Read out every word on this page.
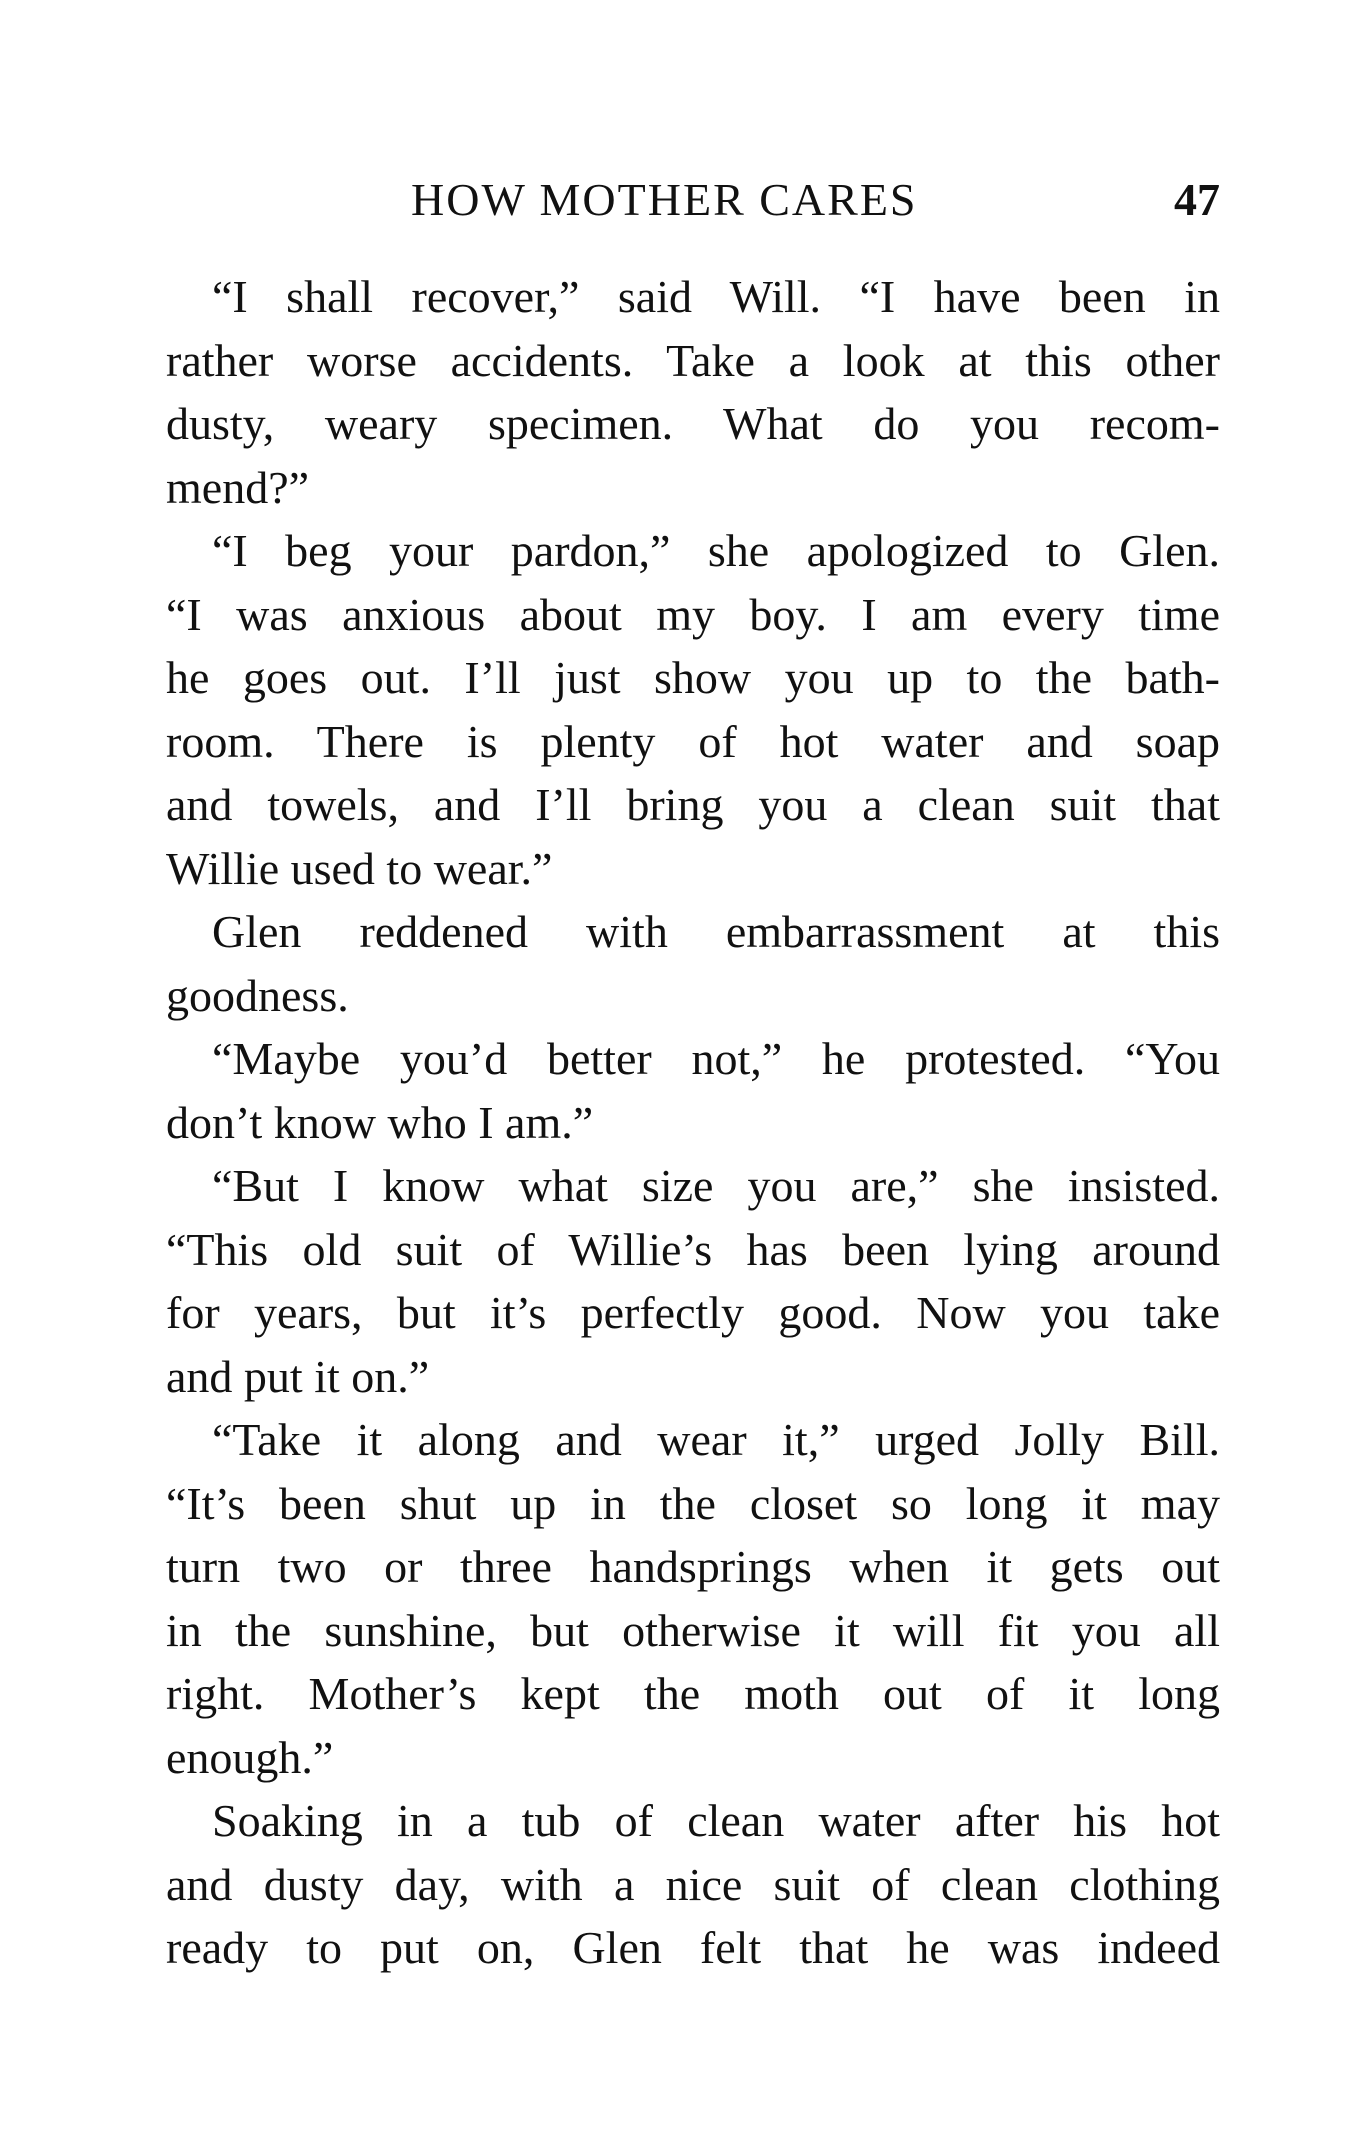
HOW MOTHER CARES	47

“I shall recover,” said Will. “I have been in
rather worse accidents. Take a look at this other
dusty, weary specimen. What do you recom-
mend?”

“I beg your pardon,” she apologized to Glen.
“I was anxious about my boy. I am every time
he goes out. I’ll just show you up to the bath-
room. There is plenty of hot water and soap
and towels, and I’ll bring you a clean suit that
Willie used to wear.”

Glen reddened with embarrassment at this
goodness.

“Maybe you’d better not,” he protested. “You
don’t know who I am.”

“But I know what size you are,” she insisted.
“This old suit of Willie’s has been lying around
for years, but it’s perfectly good. Now you take
and put it on.”

“Take it along and wear it,” urged Jolly Bill.
“It’s been shut up in the closet so long it may
turn two or three handsprings when it gets out
in the sunshine, but otherwise it will fit you all
right. Mother’s kept the moth out of it long
enough.”

Soaking in a tub of clean water after his hot
and dusty day, with a nice suit of clean clothing
ready to put on, Glen felt that he was indeed
